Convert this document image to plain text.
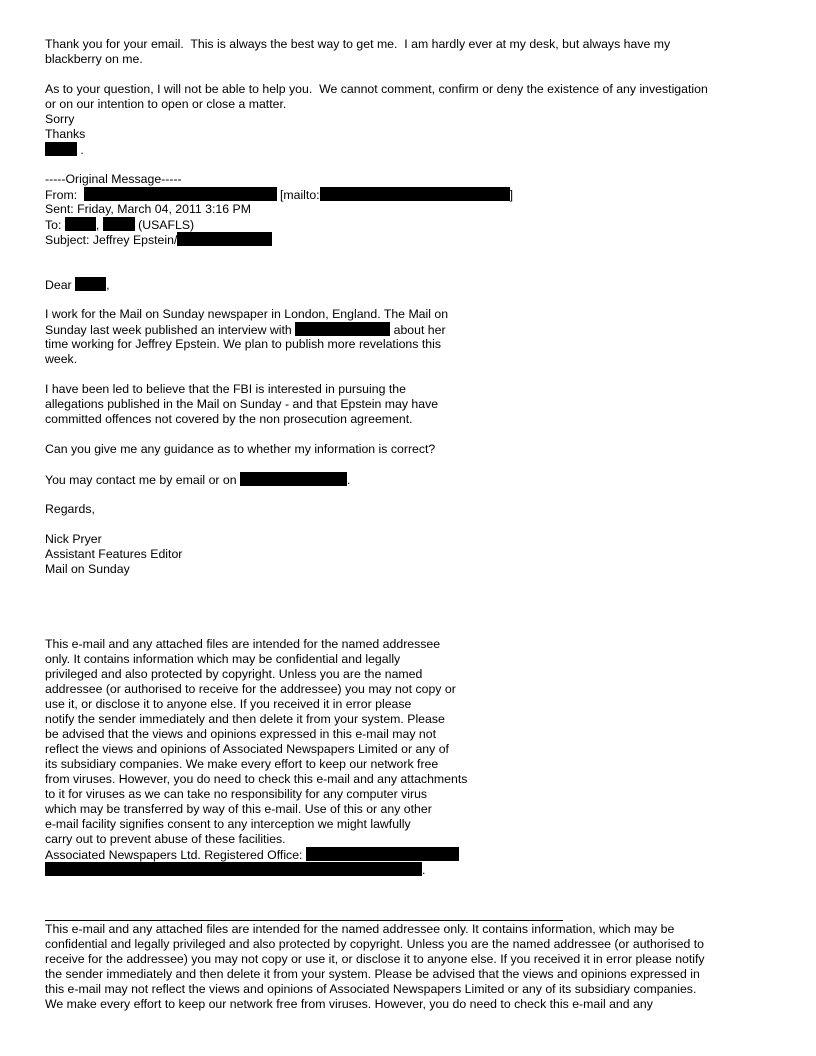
Thank you for your email.  This is always the best way to get me.  I am hardly ever at my desk, but always have my
blackberry on me.
As to your question, I will not be able to help you.  We cannot comment, confirm or deny the existence of any investigation
or on our intention to open or close a matter.
Sorry
Thanks
.
-----Original Message-----
From:	[mailto:	]
Sent: Friday, March 04, 2011 3:16 PM
To:	,	(USAFLS)
Subject: Jeffrey Epstein/
Dear	,
I work for the Mail on Sunday newspaper in London, England. The Mail on
Sunday last week published an interview with	about her
time working for Jeffrey Epstein. We plan to publish more revelations this
week.
I have been led to believe that the FBI is interested in pursuing the
allegations published in the Mail on Sunday - and that Epstein may have
committed offences not covered by the non prosecution agreement.
Can you give me any guidance as to whether my information is correct?
You may contact me by email or on	.
Regards,
Nick Pryer
Assistant Features Editor
Mail on Sunday
This e-mail and any attached files are intended for the named addressee
only. It contains information which may be confidential and legally
privileged and also protected by copyright. Unless you are the named
addressee (or authorised to receive for the addressee) you may not copy or
use it, or disclose it to anyone else. If you received it in error please
notify the sender immediately and then delete it from your system. Please
be advised that the views and opinions expressed in this e-mail may not
reflect the views and opinions of Associated Newspapers Limited or any of
its subsidiary companies. We make every effort to keep our network free
from viruses. However, you do need to check this e-mail and any attachments
to it for viruses as we can take no responsibility for any computer virus
which may be transferred by way of this e-mail. Use of this or any other
e-mail facility signifies consent to any interception we might lawfully
carry out to prevent abuse of these facilities.
Associated Newspapers Ltd. Registered Office:
.
This e-mail and any attached files are intended for the named addressee only. It contains information, which may be
confidential and legally privileged and also protected by copyright. Unless you are the named addressee (or authorised to
receive for the addressee) you may not copy or use it, or disclose it to anyone else. If you received it in error please notify
the sender immediately and then delete it from your system. Please be advised that the views and opinions expressed in
this e-mail may not reflect the views and opinions of Associated Newspapers Limited or any of its subsidiary companies.
We make every effort to keep our network free from viruses. However, you do need to check this e-mail and any
